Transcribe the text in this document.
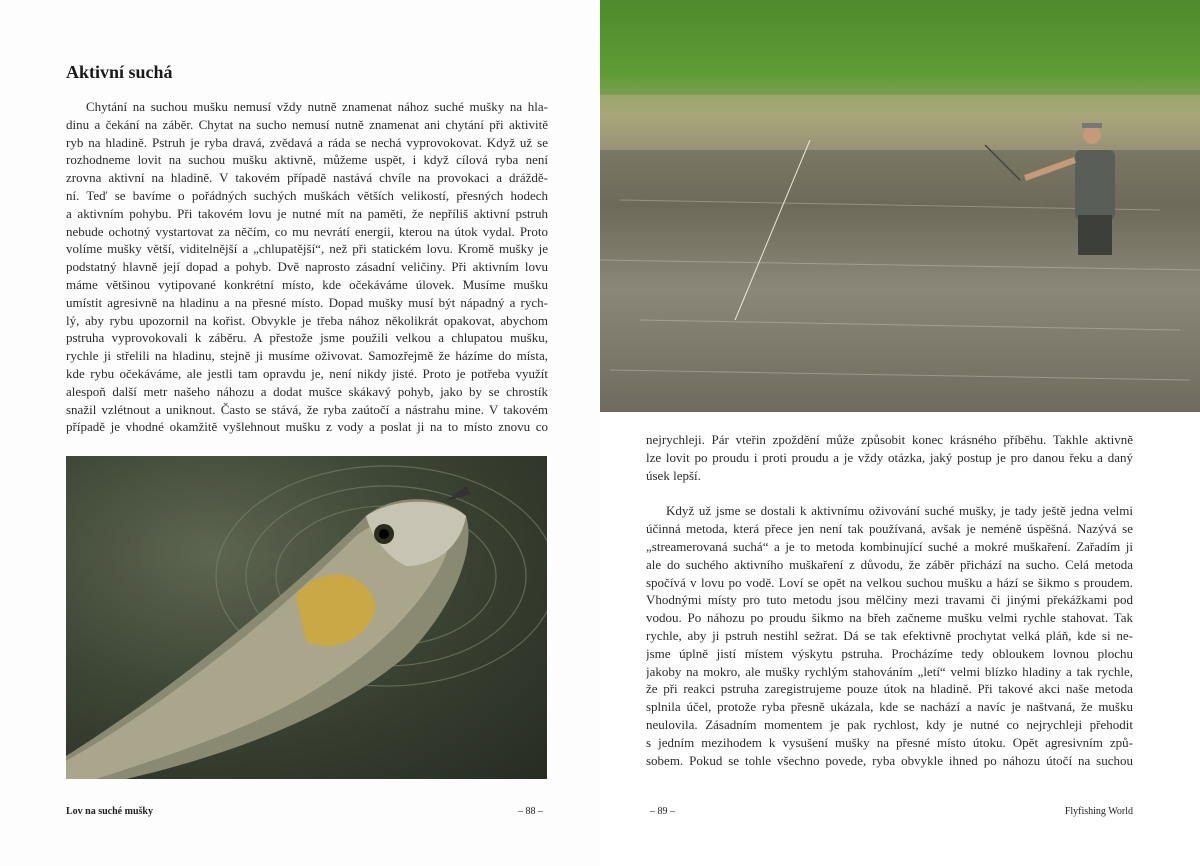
Aktivní suchá
Chytání na suchou mušku nemusí vždy nutně znamenat nához suché mušky na hla-
dinu a čekání na záběr. Chytat na sucho nemusí nutně znamenat ani chytání při aktivitě
ryb na hladině. Pstruh je ryba dravá, zvědavá a ráda se nechá vyprovokovat. Když už se
rozhodneme lovit na suchou mušku aktivně, můžeme uspět, i když cílová ryba není
zrovna aktivní na hladině. V takovém případě nastává chvíle na provokaci a dráždě-
ní. Teď se bavíme o pořádných suchých muškách větších velikostí, přesných hodech
a aktivním pohybu. Při takovém lovu je nutné mít na paměti, že nepříliš aktivní pstruh
nebude ochotný vystartovat za něčím, co mu nevrátí energii, kterou na útok vydal. Proto
volíme mušky větší, viditelnější a „chlupatější“, než při statickém lovu. Kromě mušky je
podstatný hlavně její dopad a pohyb. Dvě naprosto zásadní veličiny. Při aktivním lovu
máme většinou vytipované konkrétní místo, kde očekáváme úlovek. Musíme mušku
umístit agresivně na hladinu a na přesné místo. Dopad mušky musí být nápadný a rych-
lý, aby rybu upozornil na kořist. Obvykle je třeba nához několikrát opakovat, abychom
pstruha vyprovokovali k záběru. A přestože jsme použili velkou a chlupatou mušku,
rychle ji střelili na hladinu, stejně ji musíme oživovat. Samozřejmě že házíme do místa,
kde rybu očekáváme, ale jestli tam opravdu je, není nikdy jisté. Proto je potřeba využít
alespoň další metr našeho náhozu a dodat mušce skákavý pohyb, jako by se chrostík
snažil vzlétnout a uniknout. Často se stává, že ryba zaútočí a nástrahu mine. V takovém
případě je vhodné okamžitě vyšlehnout mušku z vody a poslat ji na to místo znovu co
Lov na suché mušky	– 88 –
nejrychleji. Pár vteřin zpoždění může způsobit konec krásného příběhu. Takhle aktivně
lze lovit po proudu i proti proudu a je vždy otázka, jaký postup je pro danou řeku a daný
úsek lepší.
Když už jsme se dostali k aktivnímu oživování suché mušky, je tady ještě jedna velmi
účinná metoda, která přece jen není tak používaná, avšak je neméně úspěšná. Nazývá se
„streamerovaná suchá“ a je to metoda kombinující suché a mokré muškaření. Zařadím ji
ale do suchého aktivního muškaření z důvodu, že záběr přichází na sucho. Celá metoda
spočívá v lovu po vodě. Loví se opět na velkou suchou mušku a hází se šikmo s proudem.
Vhodnými místy pro tuto metodu jsou mělčiny mezi travami či jinými překážkami pod
vodou. Po náhozu po proudu šikmo na břeh začneme mušku velmi rychle stahovat. Tak
rychle, aby ji pstruh nestihl sežrat. Dá se tak efektivně prochytat velká pláň, kde si ne-
jsme úplně jistí místem výskytu pstruha. Procházíme tedy obloukem lovnou plochu
jakoby na mokro, ale mušky rychlým stahováním „letí“ velmi blízko hladiny a tak rychle,
že při reakci pstruha zaregistrujeme pouze útok na hladině. Při takové akci naše metoda
splnila účel, protože ryba přesně ukázala, kde se nachází a navíc je naštvaná, že mušku
neulovila. Zásadním momentem je pak rychlost, kdy je nutné co nejrychleji přehodit
s jedním mezihodem k vysušení mušky na přesné místo útoku. Opět agresivním způ-
sobem. Pokud se tohle všechno povede, ryba obvykle ihned po náhozu útočí na suchou
– 89 –	Flyfishing World
